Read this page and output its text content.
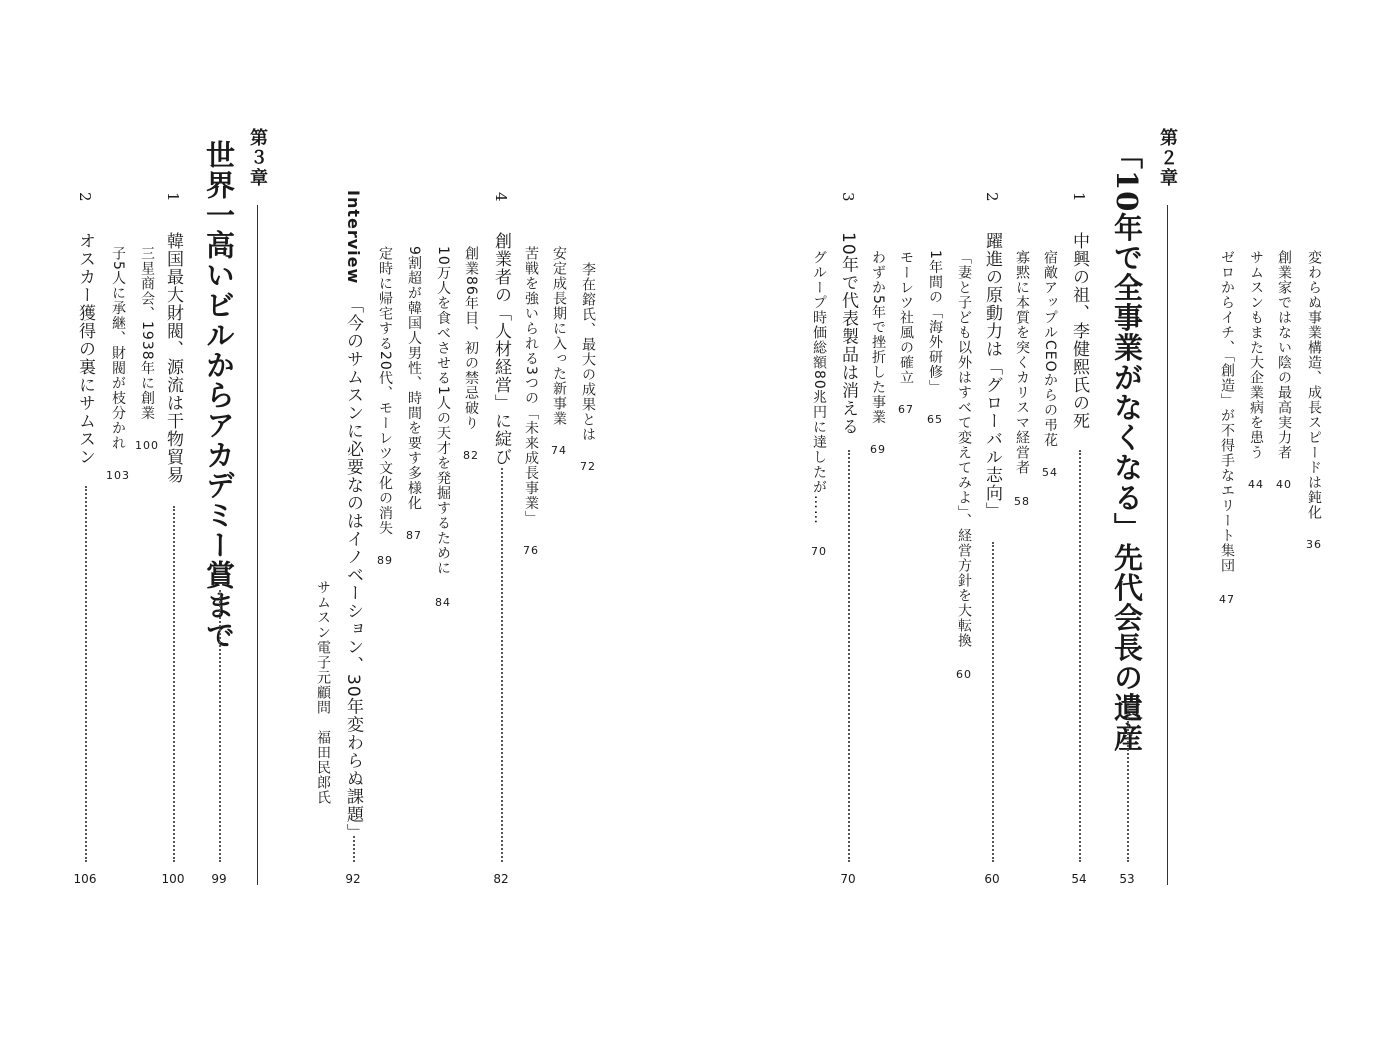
変わらぬ事業構造、成長スピードは鈍化 36
創業家ではない陰の最高実力者 40
サムスンもまた大企業病を患う 44
ゼロからイチ、「創造」が不得手なエリート集団 47
第２章
「10年で全事業がなくなる」先代会長の遺産
53
1
中興の祖、李健熙氏の死
54
宿敵アップルCEOからの弔花 54
寡黙に本質を突くカリスマ経営者 58
2
躍進の原動力は「グローバル志向」
60
「妻と子ども以外はすべて変えてみよ」、経営方針を大転換 60
1年間の「海外研修」 65
モーレツ社風の確立 67
わずか5年で挫折した事業 69
3
10年で代表製品は消える
70
グループ時価総額80兆円に達したが…… 70
李在鎔氏、最大の成果とは 72
安定成長期に入った新事業 74
苦戦を強いられる3つの「未来成長事業」 76
4
創業者の「人材経営」に綻び
82
創業86年目、初の禁忌破り 82
10万人を食べさせる1人の天才を発掘するために 84
9割超が韓国人男性、時間を要す多様化 87
定時に帰宅する20代、モーレツ文化の消失 89
Interview
「今のサムスンに必要なのはイノベーション、30年変わらぬ課題」
92
サムスン電子元顧問　福田民郎氏
第３章
世界一高いビルからアカデミー賞まで
99
1
韓国最大財閥、源流は干物貿易
100
三星商会、1938年に創業 100
子5人に承継、財閥が枝分かれ 103
2
オスカー獲得の裏にサムスン
106
